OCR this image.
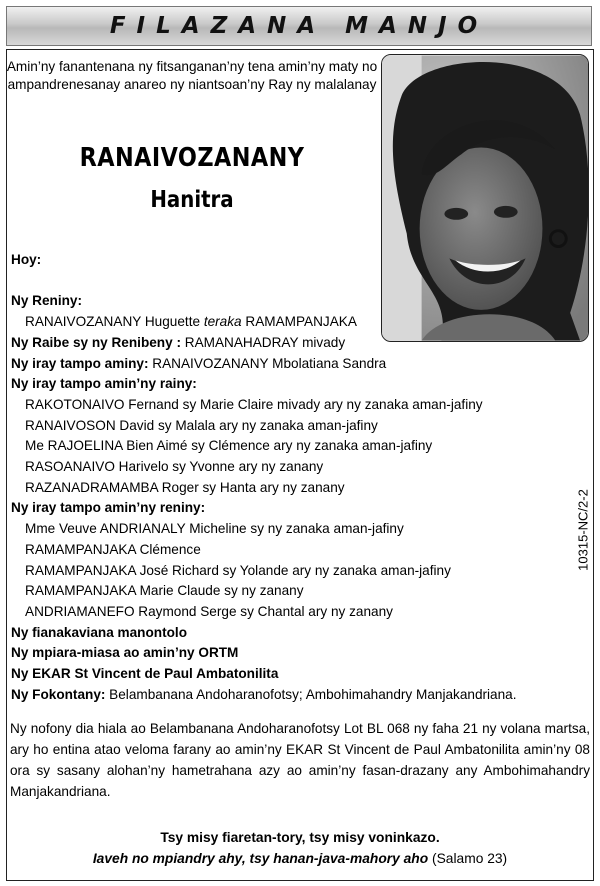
FILAZANA MANJO
Amin’ny fanantenana ny fitsanganan’ny tena amin’ny maty no ampandrenesanay anareo ny niantsoan’ny Ray ny malalanay
RANAIVOZANANY
Hanitra
Hoy:
Ny Reniny:
RANAIVOZANANY Huguette teraka RAMAMPANJAKA
Ny Raibe sy ny Renibeny : RAMANAHADRAY mivady
Ny iray tampo aminy: RANAIVOZANANY Mbolatiana Sandra
Ny iray tampo amin’ny rainy:
RAKOTONAIVO Fernand sy Marie Claire mivady ary ny zanaka aman-jafiny
RANAIVOSON David sy Malala ary ny zanaka aman-jafiny
Me RAJOELINA Bien Aimé sy Clémence ary ny zanaka aman-jafiny
RASOANAIVO Harivelo sy Yvonne ary ny zanany
RAZANADRAMAMBA Roger sy Hanta ary ny zanany
Ny iray tampo amin’ny reniny:
Mme Veuve ANDRIANALY Micheline sy ny zanaka aman-jafiny
RAMAMPANJAKA Clémence
RAMAMPANJAKA José Richard sy Yolande ary ny zanaka aman-jafiny
RAMAMPANJAKA Marie Claude sy ny zanany
ANDRIAMANEFO Raymond Serge sy Chantal ary ny zanany
Ny fianakaviana manontolo
Ny mpiara-miasa ao amin’ny ORTM
Ny EKAR St Vincent de Paul Ambatonilita
Ny Fokontany: Belambanana Andoharanofotsy; Ambohimahandry Manjakandriana.
10315-NC/2-2
Ny nofony dia hiala ao Belambanana Andoharanofotsy Lot BL 068 ny faha 21 ny volana martsa, ary ho entina atao veloma farany ao amin’ny EKAR St Vincent de Paul Ambatonilita amin’ny 08 ora sy sasany alohan’ny hametrahana azy ao amin’ny fasan-drazany any Ambohimahandry Manjakandriana.
Tsy misy fiaretan-tory, tsy misy voninkazo.
Iaveh no mpiandry ahy, tsy hanan-java-mahory aho (Salamo 23)
